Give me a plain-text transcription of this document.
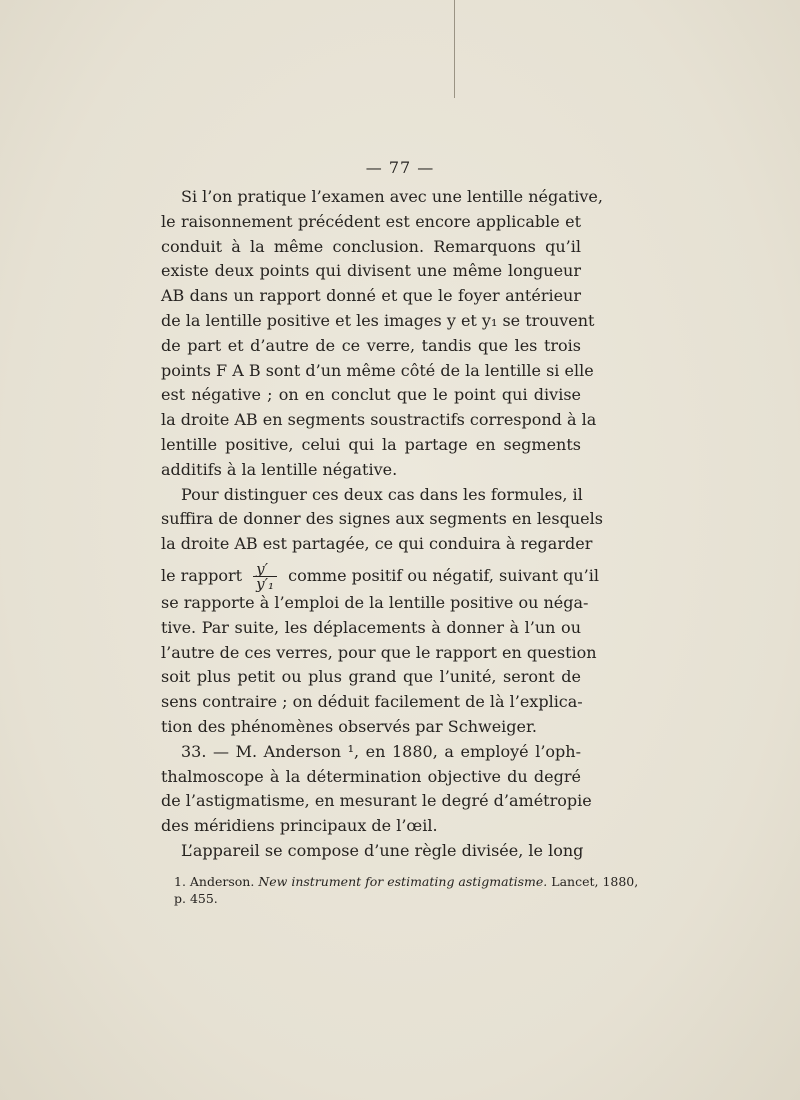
— 77 —
Si l’on pratique l’examen avec une lentille négative,
le raisonnement précédent est encore applicable et
conduit à la même conclusion. Remarquons qu’il
existe deux points qui divisent une même longueur
AB dans un rapport donné et que le foyer antérieur
de la lentille positive et les images y et y₁ se trouvent
de part et d’autre de ce verre, tandis que les trois
points F A B sont d’un même côté de la lentille si elle
est négative ; on en conclut que le point qui divise
la droite AB en segments soustractifs correspond à la
lentille positive, celui qui la partage en segments
additifs à la lentille négative.
Pour distinguer ces deux cas dans les formules, il
suffira de donner des signes aux segments en lesquels
la droite AB est partagée, ce qui conduira à regarder
le rapport $\frac{y'}{\text{y′₁}}$ comme positif ou négatif, suivant qu’il
se rapporte à l’emploi de la lentille positive ou néga-
tive. Par suite, les déplacements à donner à l’un ou
l’autre de ces verres, pour que le rapport en question
soit plus petit ou plus grand que l’unité, seront de
sens contraire ; on déduit facilement de là l’explica-
tion des phénomènes observés par Schweiger.
33. — M. Anderson ¹, en 1880, a employé l’oph-
thalmoscope à la détermination objective du degré
de l’astigmatisme, en mesurant le degré d’amétropie
des méridiens principaux de l’œil.
L’appareil se compose d’une règle divisée, le long
1. Anderson. New instrument for estimating astigmatisme. Lancet, 1880,
p. 455.
